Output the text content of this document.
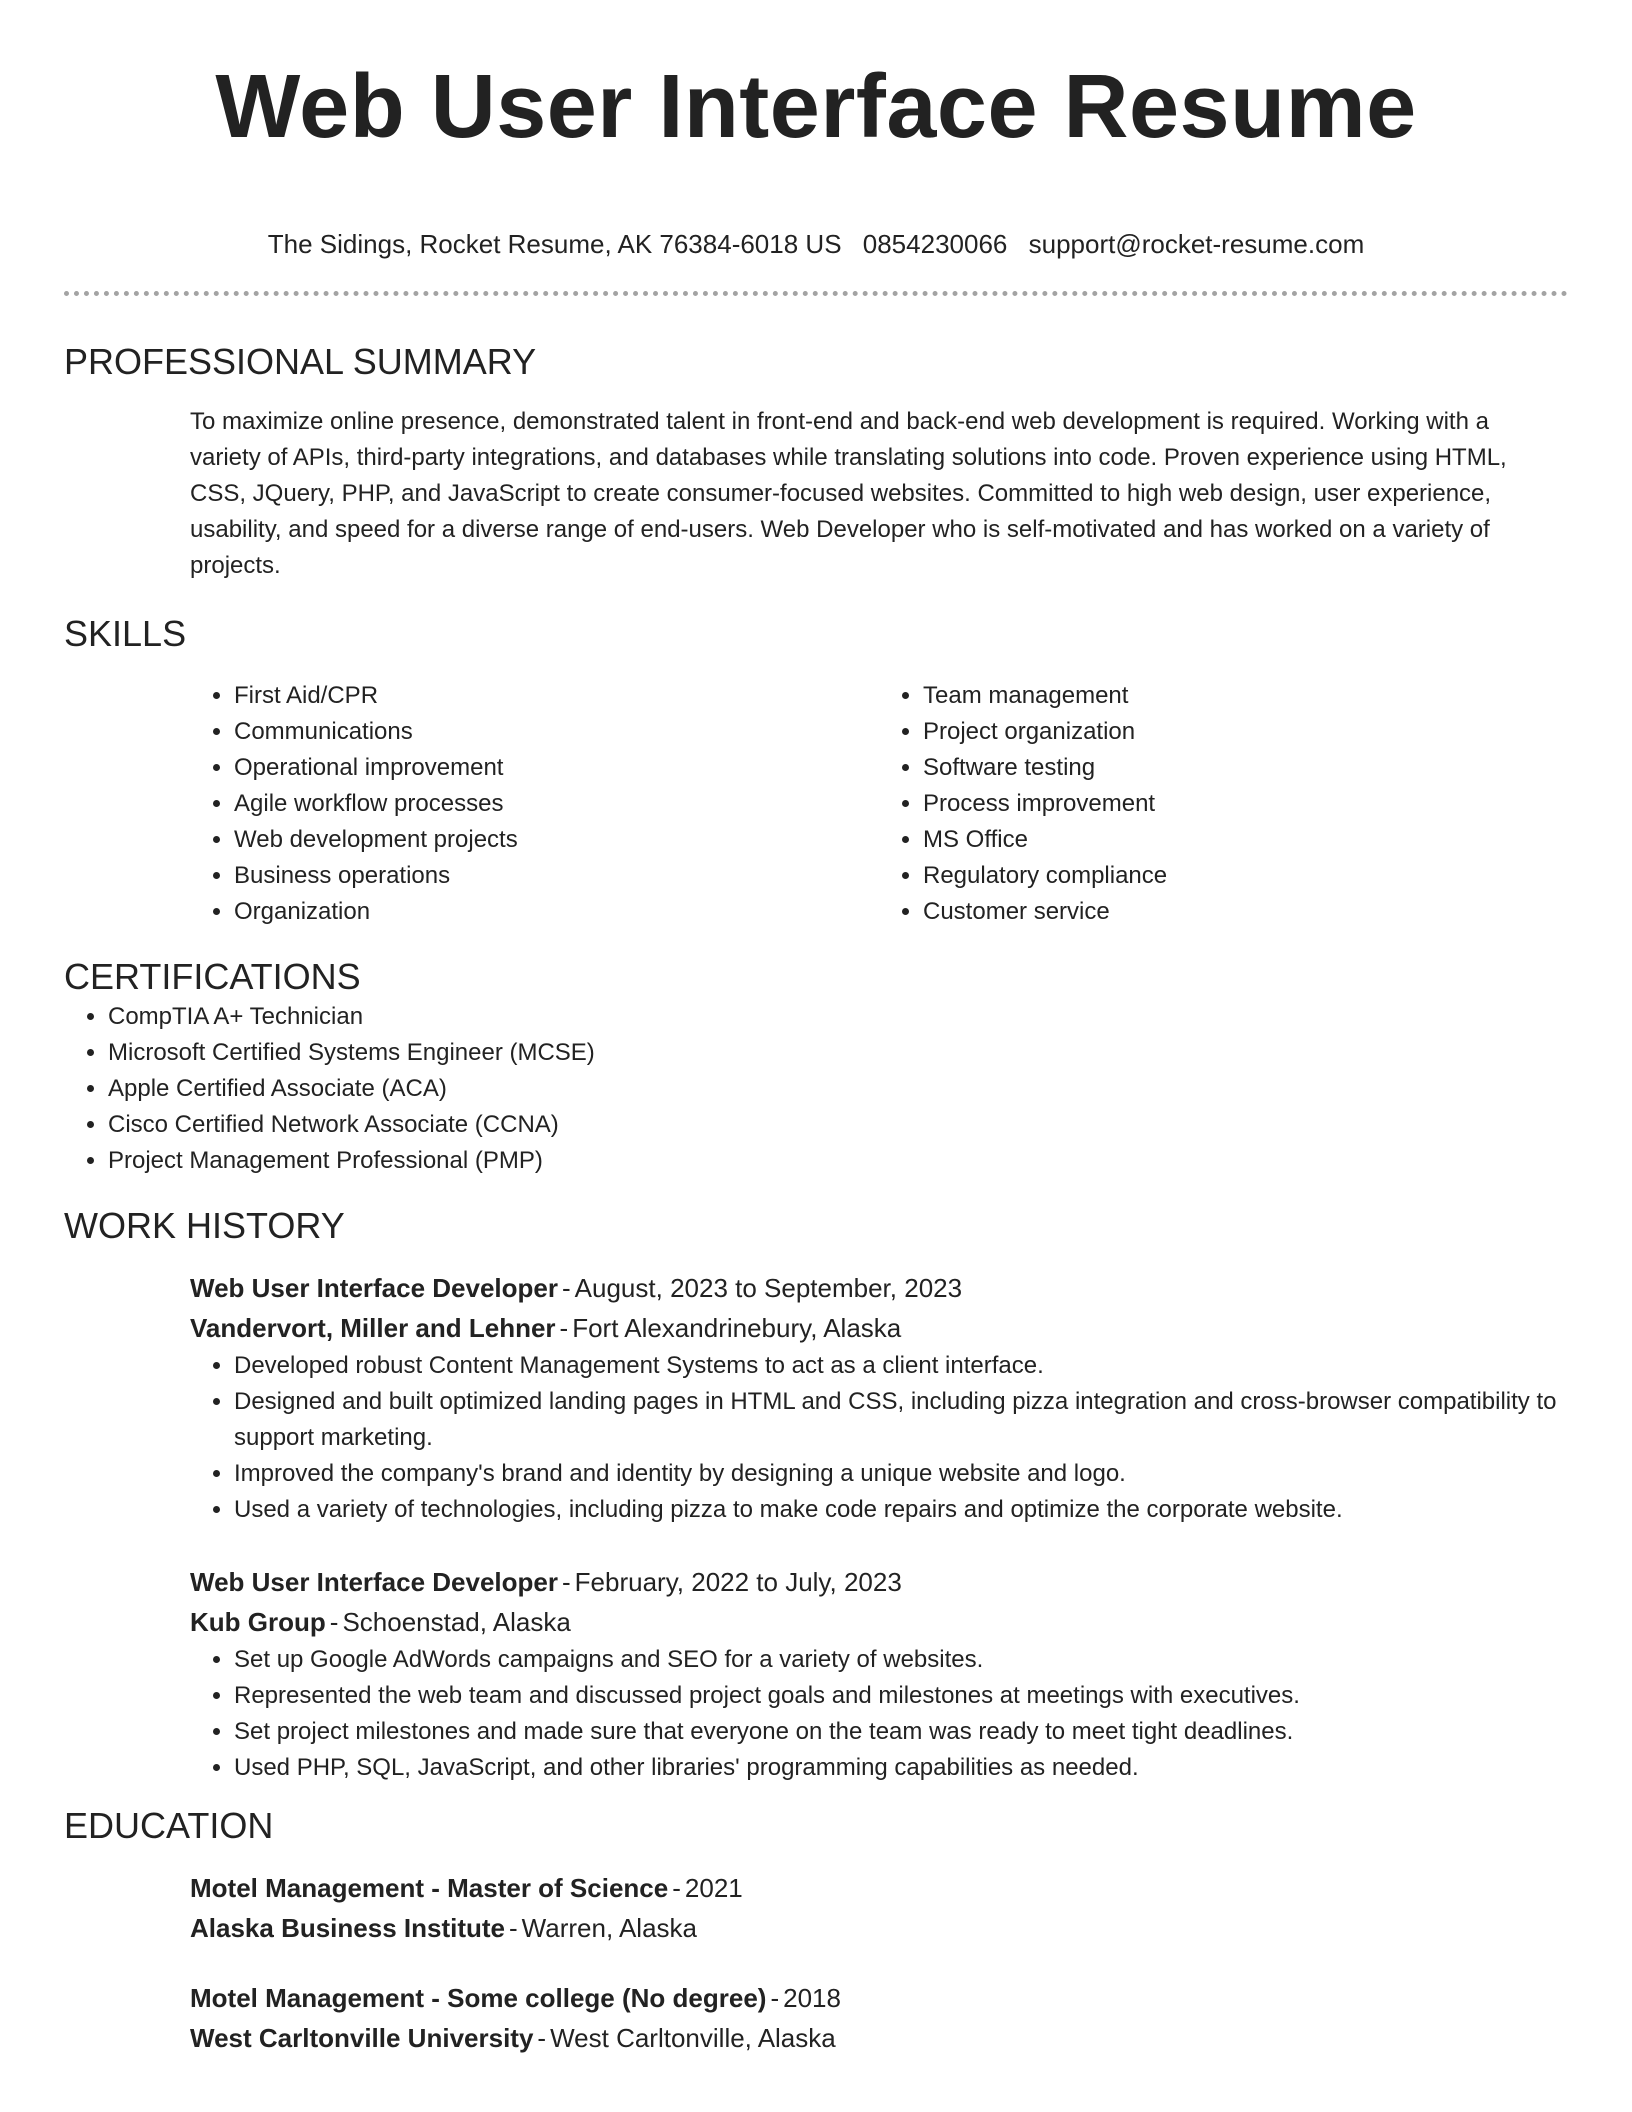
Web User Interface Resume
The Sidings, Rocket Resume, AK 76384-6018 US 0854230066 support@rocket-resume.com
PROFESSIONAL SUMMARY

To maximize online presence, demonstrated talent in front-end and back-end web development is required. Working with a variety of APIs, third-party integrations, and databases while translating solutions into code. Proven experience using HTML, CSS, JQuery, PHP, and JavaScript to create consumer-focused websites. Committed to high web design, user experience, usability, and speed for a diverse range of end-users. Web Developer who is self-motivated and has worked on a variety of projects.

SKILLS
• First Aid/CPR
• Communications
• Operational improvement
• Agile workflow processes
• Web development projects
• Business operations
• Organization
• Team management
• Project organization
• Software testing
• Process improvement
• MS Office
• Regulatory compliance
• Customer service
CERTIFICATIONS
• CompTIA A+ Technician
• Microsoft Certified Systems Engineer (MCSE)
• Apple Certified Associate (ACA)
• Cisco Certified Network Associate (CCNA)
• Project Management Professional (PMP)
WORK HISTORY
Web User Interface Developer - August, 2023 to September, 2023
Vandervort, Miller and Lehner - Fort Alexandrinebury, Alaska
• Developed robust Content Management Systems to act as a client interface.
• Designed and built optimized landing pages in HTML and CSS, including pizza integration and cross-browser compatibility to support marketing.
• Improved the company's brand and identity by designing a unique website and logo.
• Used a variety of technologies, including pizza to make code repairs and optimize the corporate website.
Web User Interface Developer - February, 2022 to July, 2023
Kub Group - Schoenstad, Alaska
• Set up Google AdWords campaigns and SEO for a variety of websites.
• Represented the web team and discussed project goals and milestones at meetings with executives.
• Set project milestones and made sure that everyone on the team was ready to meet tight deadlines.
• Used PHP, SQL, JavaScript, and other libraries' programming capabilities as needed.
EDUCATION
Motel Management - Master of Science - 2021
Alaska Business Institute - Warren, Alaska
Motel Management - Some college (No degree) - 2018
West Carltonville University - West Carltonville, Alaska
